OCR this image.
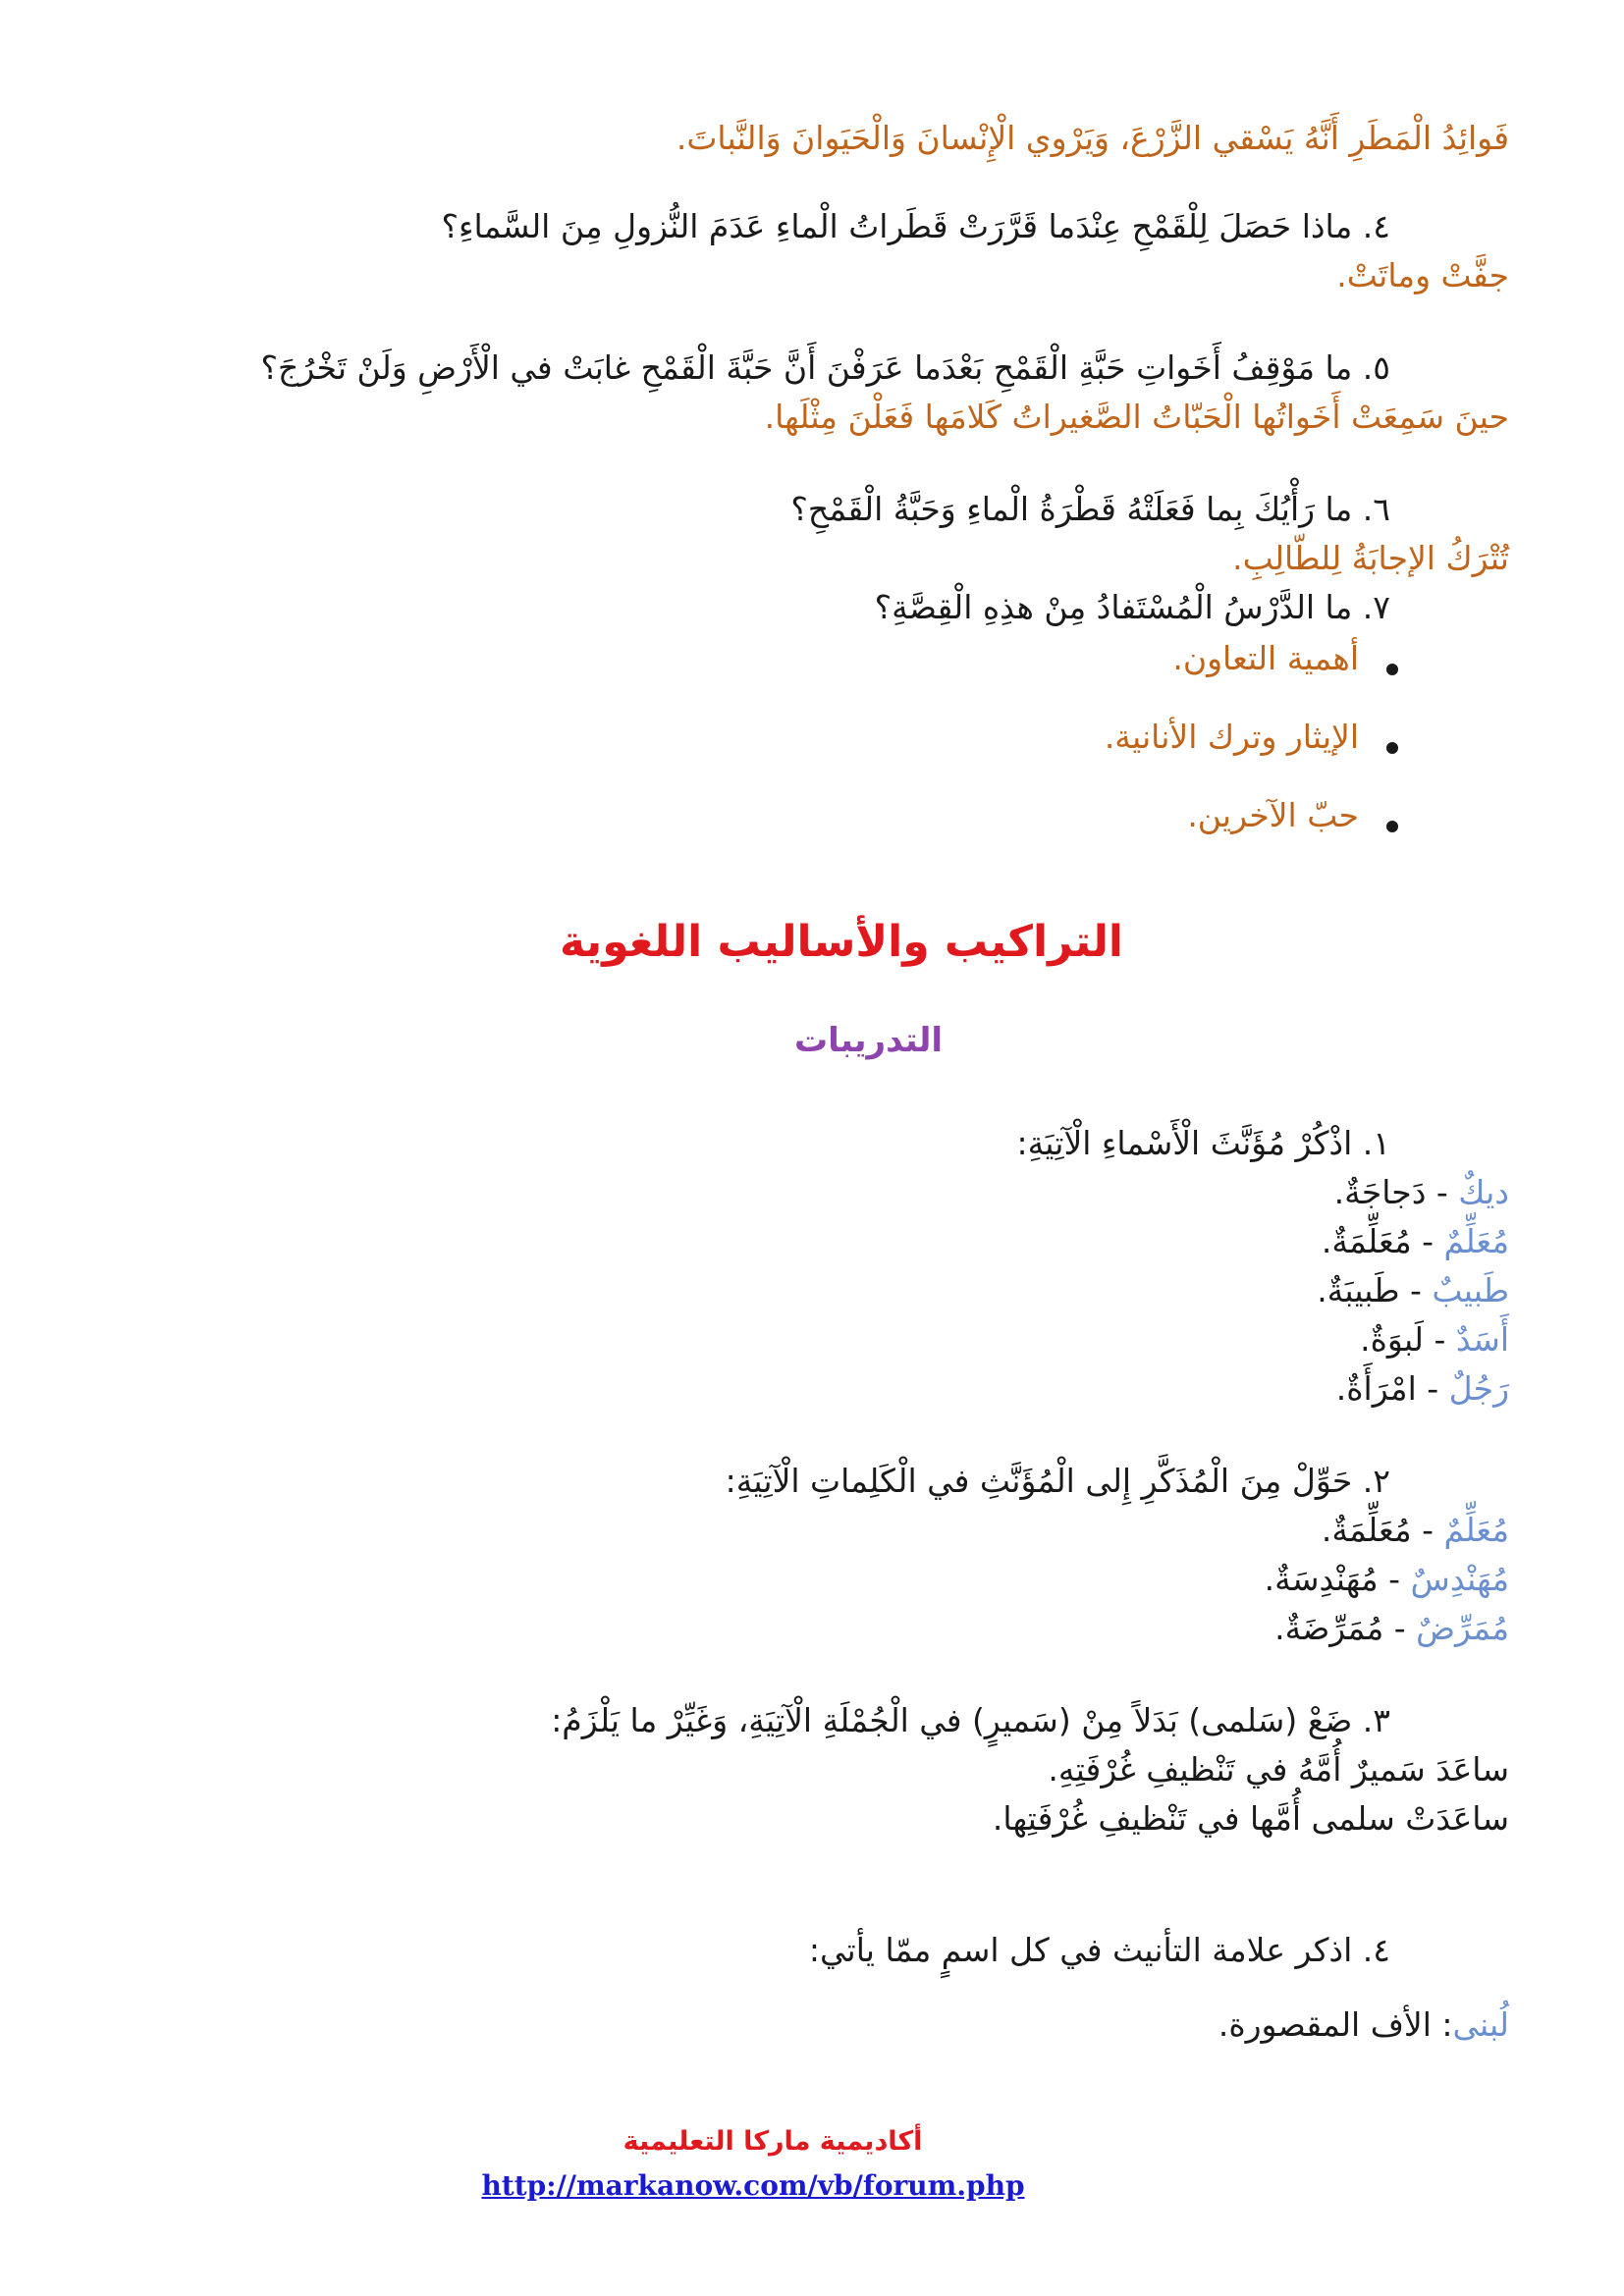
فَوائِدُ الْمَطَرِ أَنَّهُ يَسْقي الزَّرْعَ، وَيَرْوي الْإِنْسانَ وَالْحَيَوانَ وَالنَّباتَ.

٤. ماذا حَصَلَ لِلْقَمْحِ عِنْدَما قَرَّرَتْ قَطَراتُ الْماءِ عَدَمَ النُّزولِ مِنَ السَّماءِ؟

جفَّتْ وماتَتْ.

٥. ما مَوْقِفُ أَخَواتِ حَبَّةِ الْقَمْحِ بَعْدَما عَرَفْنَ أَنَّ حَبَّةَ الْقَمْحِ غابَتْ في الْأَرْضِ وَلَنْ تَخْرُجَ؟

حينَ سَمِعَتْ أَخَواتُها الْحَبّاتُ الصَّغيراتُ كَلامَها فَعَلْنَ مِثْلَها.

٦. ما رَأْيُكَ بِما فَعَلَتْهُ قَطْرَةُ الْماءِ وَحَبَّةُ الْقَمْحِ؟

تُتْرَكُ الإجابَةُ لِلطّالِبِ.

٧. ما الدَّرْسُ الْمُسْتَفادُ مِنْ هذِهِ الْقِصَّةِ؟

أهمية التعاون.

الإيثار وترك الأنانية.

حبّ الآخرين.

التراكيب والأساليب اللغوية
التدريبات

١. اذْكُرْ مُؤَنَّثَ الْأَسْماءِ الْآتِيَةِ:

ديكٌ - دَجاجَةٌ.

مُعَلِّمٌ - مُعَلِّمَةٌ.

طَبيبٌ - طَبيبَةٌ.

أَسَدٌ - لَبوَةٌ.

رَجُلٌ - امْرَأَةٌ.

٢. حَوِّلْ مِنَ الْمُذَكَّرِ إِلى الْمُؤَنَّثِ في الْكَلِماتِ الْآتِيَةِ:

مُعَلِّمٌ - مُعَلِّمَةٌ.

مُهَنْدِسٌ - مُهَنْدِسَةٌ.

مُمَرِّضٌ - مُمَرِّضَةٌ.

٣. ضَعْ (سَلمى) بَدَلاً مِنْ (سَميرٍ) في الْجُمْلَةِ الْآتِيَةِ، وَغَيِّرْ ما يَلْزَمُ:

ساعَدَ سَميرٌ أُمَّهُ في تَنْظيفِ غُرْفَتِهِ.

ساعَدَتْ سلمى أُمَّها في تَنْظيفِ غُرْفَتِها.

٤. اذكر علامة التأنيث في كل اسمٍ ممّا يأتي:

لُبنى: الأف المقصورة.

أكاديمية ماركا التعليمية

http://markanow.com/vb/forum.php
